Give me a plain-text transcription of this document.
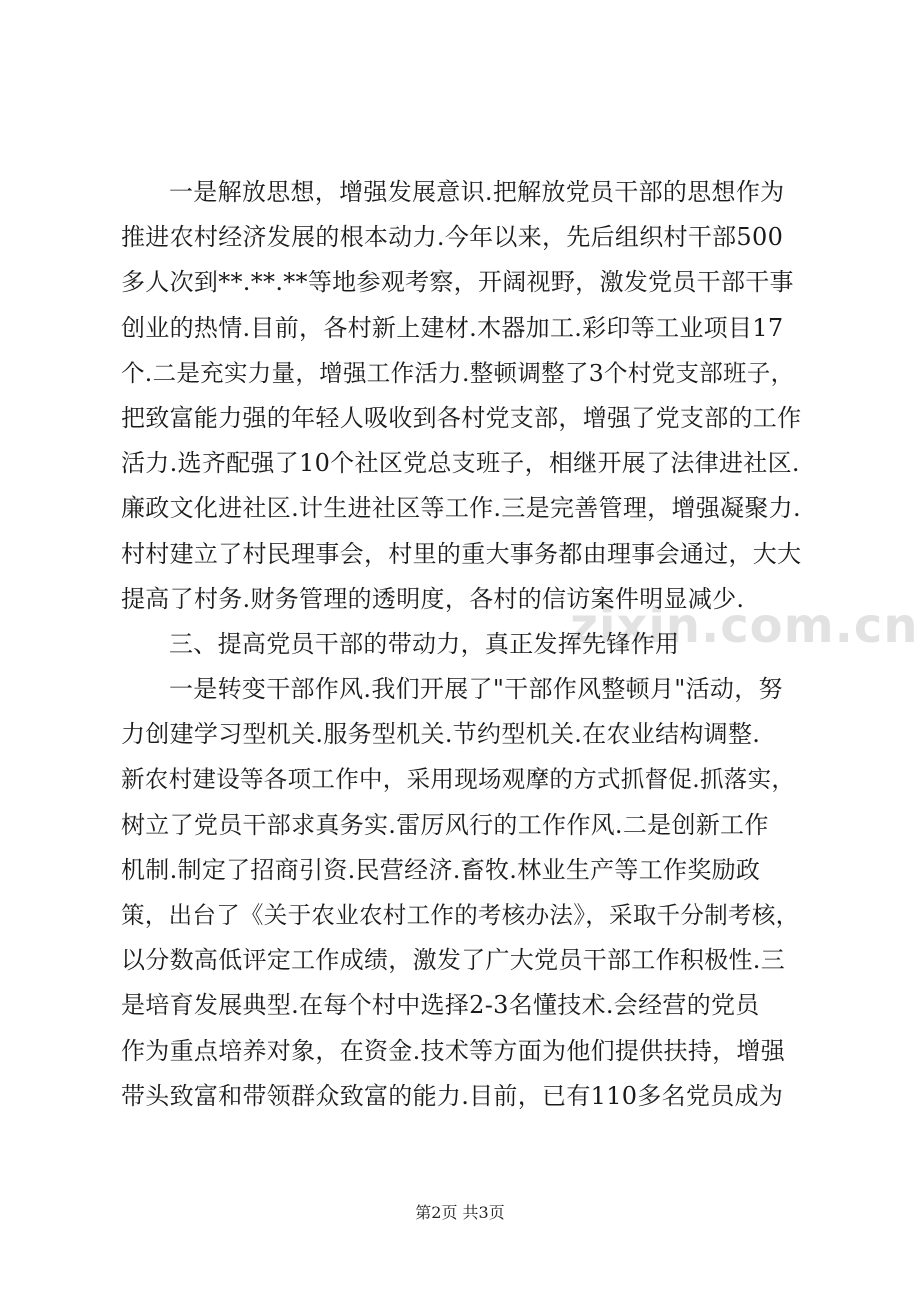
zixin.com.cn
一是解放思想，增强发展意识.把解放党员干部的思想作为
推进农村经济发展的根本动力.今年以来，先后组织村干部500
多人次到**.**.**等地参观考察，开阔视野，激发党员干部干事
创业的热情.目前，各村新上建材.木器加工.彩印等工业项目17
个.二是充实力量，增强工作活力.整顿调整了3个村党支部班子，
把致富能力强的年轻人吸收到各村党支部，增强了党支部的工作
活力.选齐配强了10个社区党总支班子，相继开展了法律进社区.
廉政文化进社区.计生进社区等工作.三是完善管理，增强凝聚力.
村村建立了村民理事会，村里的重大事务都由理事会通过，大大
提高了村务.财务管理的透明度，各村的信访案件明显减少.
三、提高党员干部的带动力，真正发挥先锋作用
一是转变干部作风.我们开展了"干部作风整顿月"活动，努
力创建学习型机关.服务型机关.节约型机关.在农业结构调整.
新农村建设等各项工作中，采用现场观摩的方式抓督促.抓落实，
树立了党员干部求真务实.雷厉风行的工作作风.二是创新工作
机制.制定了招商引资.民营经济.畜牧.林业生产等工作奖励政
策，出台了《关于农业农村工作的考核办法》，采取千分制考核，
以分数高低评定工作成绩，激发了广大党员干部工作积极性.三
是培育发展典型.在每个村中选择2-3名懂技术.会经营的党员
作为重点培养对象，在资金.技术等方面为他们提供扶持，增强
带头致富和带领群众致富的能力.目前，已有110多名党员成为
第2页 共3页
